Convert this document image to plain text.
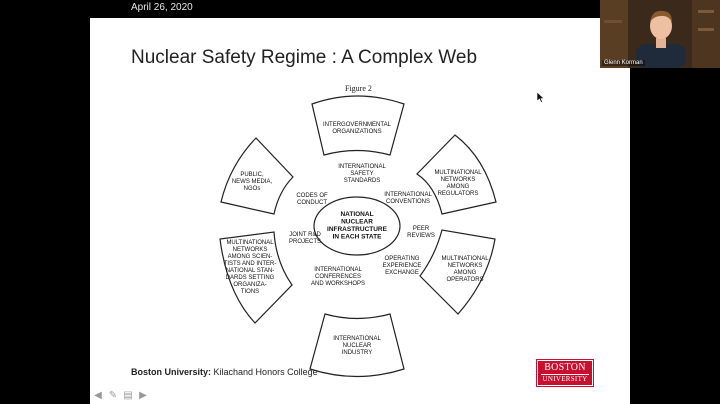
April 26, 2020
Nuclear Safety Regime : A Complex Web
Figure 2
NATIONAL NUCLEAR INFRASTRUCTURE IN EACH STATE
INTERGOVERNMENTAL ORGANIZATIONS
MULTINATIONAL NETWORKS AMONG REGULATORS
MULTINATIONAL NETWORKS AMONG OPERATORS
INTERNATIONAL NUCLEAR INDUSTRY
MULTINATIONAL NETWORKS AMONG SCIEN-TISTS AND INTER-NATIONAL STAN-DARDS SETTING ORGANIZA-TIONS
PUBLIC, NEWS MEDIA, NGOs
INTERNATIONAL SAFETY STANDARDS
INTERNATIONAL CONVENTIONS
PEER REVIEWS
OPERATING EXPERIENCE EXCHANGE
INTERNATIONAL CONFERENCES AND WORKSHOPS
JOINT R&D PROJECTS
CODES OF CONDUCT
Boston University: Kilachand Honors College	BOSTON
UNIVERSITY
Glenn Korman
◀ ✎ ▤ ▶
